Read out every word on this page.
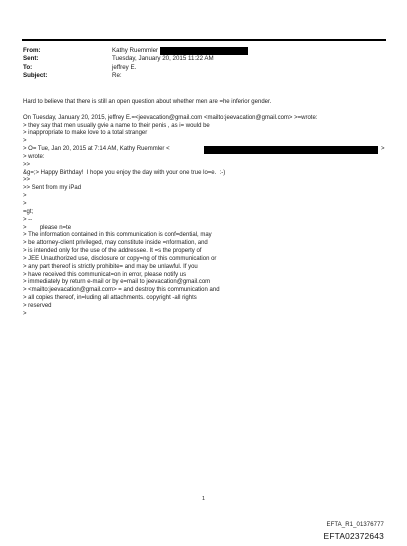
From:	Kathy Ruemmler
Sent:	Tuesday, January 20, 2015 11:22 AM
To:	jeffrey E.
Subject:	Re:
Hard to believe that there is still an open question about whether men are =he inferior gender.
On Tuesday, January 20, 2015, jeffrey E.=<jeevacation@gmail.com <mailto:jeevacation@gmail.com> >=wrote:
> they say that men usually gvie a name to their penis , as i= would be
> inappropriate to make love to a total stranger
>
> O= Tue, Jan 20, 2015 at 7:14 AM, Kathy Ruemmler <	>
> wrote:
>>
&g=;> Happy Birthday!  I hope you enjoy the day with your one true lo=e.  :-)
>>
>> Sent from my iPad
>
>
=gt;
> --
>        please n=te
> The information contained in this communication is conf=dential, may
> be attorney-client privileged, may constitute inside =nformation, and
> is intended only for the use of the addressee. It =s the property of
> JEE Unauthorized use, disclosure or copy=ng of this communication or
> any part thereof is strictly prohibite= and may be unlawful. If you
> have received this communicat=on in error, please notify us
> immediately by return e-mail or by e=mail to jeevacation@gmail.com
> <mailto:jeevacation@gmail.com> = and destroy this communication and
> all copies thereof, in=luding all attachments. copyright -all rights
> reserved
>
1
EFTA_R1_01376777
EFTA02372643
